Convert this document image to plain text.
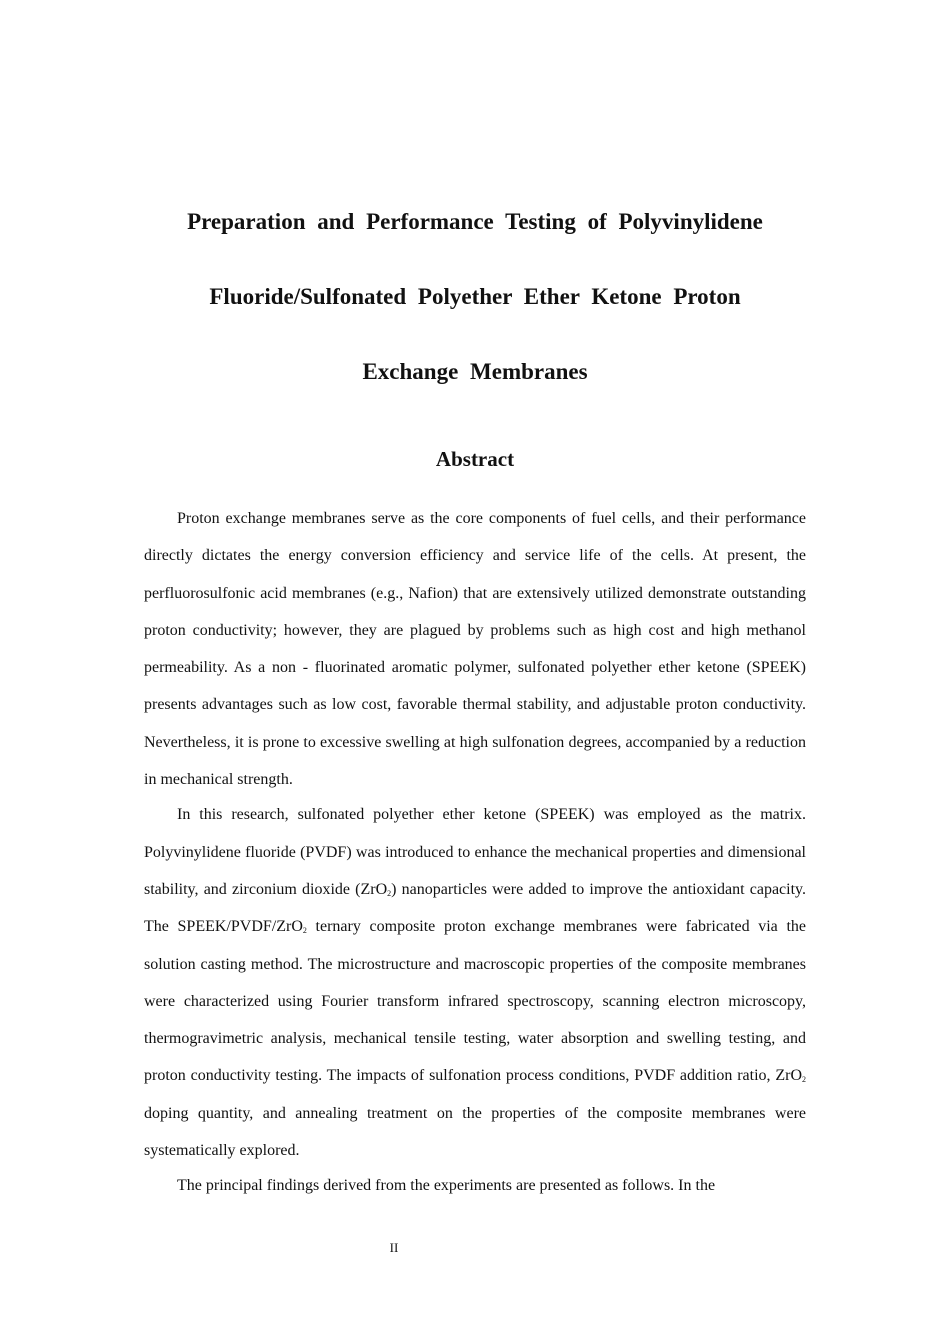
Preparation and Performance Testing of Polyvinylidene
Fluoride/Sulfonated Polyether Ether Ketone Proton
Exchange Membranes
Abstract

Proton exchange membranes serve as the core components of fuel cells, and their performance directly dictates the energy conversion efficiency and service life of the cells. At present, the perfluorosulfonic acid membranes (e.g., Nafion) that are extensively utilized demonstrate outstanding proton conductivity; however, they are plagued by problems such as high cost and high methanol permeability. As a non - fluorinated aromatic polymer, sulfonated polyether ether ketone (SPEEK) presents advantages such as low cost, favorable thermal stability, and adjustable proton conductivity. Nevertheless, it is prone to excessive swelling at high sulfonation degrees, accompanied by a reduction in mechanical strength.

In this research, sulfonated polyether ether ketone (SPEEK) was employed as the matrix. Polyvinylidene fluoride (PVDF) was introduced to enhance the mechanical properties and dimensional stability, and zirconium dioxide (ZrO$_2$) nanoparticles were added to improve the antioxidant capacity. The SPEEK/PVDF/ZrO$_2$ ternary composite proton exchange membranes were fabricated via the solution casting method. The microstructure and macroscopic properties of the composite membranes were characterized using Fourier transform infrared spectroscopy, scanning electron microscopy, thermogravimetric analysis, mechanical tensile testing, water absorption and swelling testing, and proton conductivity testing. The impacts of sulfonation process conditions, PVDF addition ratio, ZrO$_2$ doping quantity, and annealing treatment on the properties of the composite membranes were systematically explored.

The principal findings derived from the experiments are presented as follows. In the

II
